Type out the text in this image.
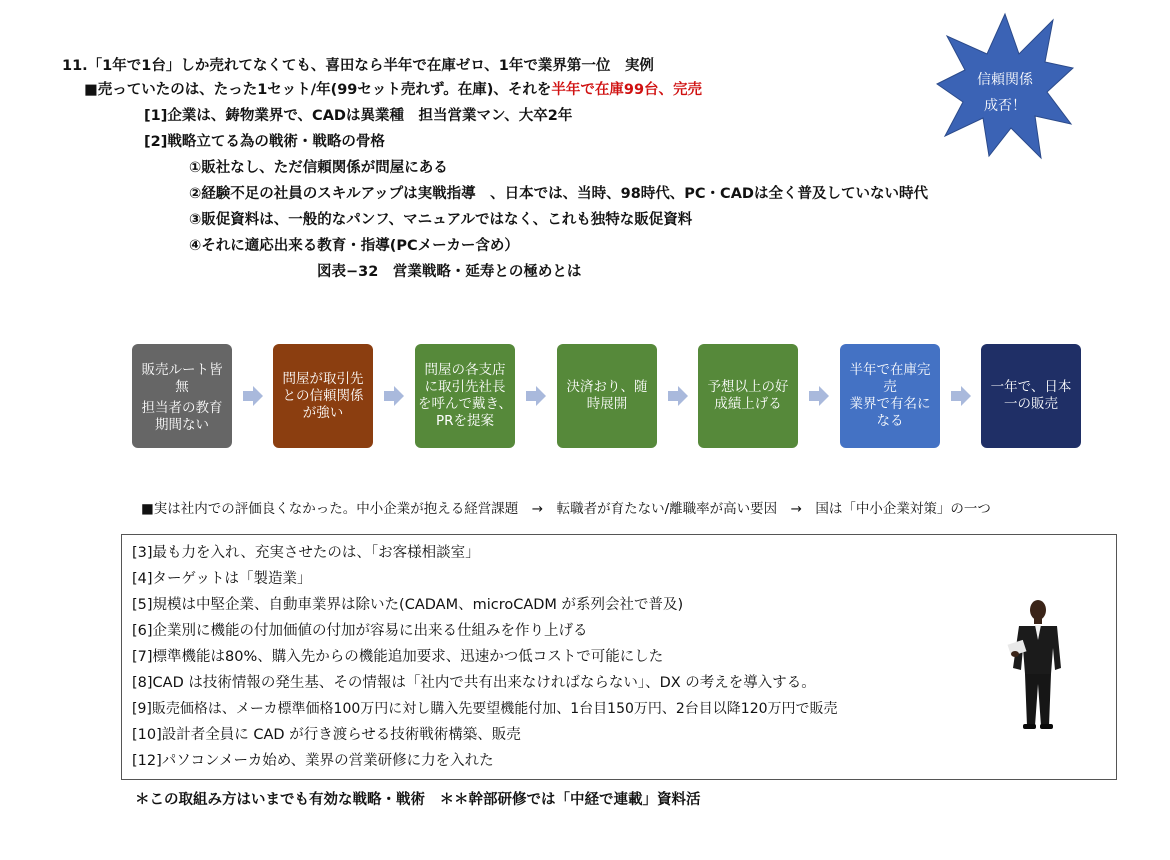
11.「1年で1台」しか売れてなくても、喜田なら半年で在庫ゼロ、1年で業界第一位　実例
■売っていたのは、たった1セット/年(99セット売れず。在庫)、それを半年で在庫99台、完売
[1]企業は、鋳物業界で、CADは異業種　担当営業マン、大卒2年
[2]戦略立てる為の戦術・戦略の骨格
①販社なし、ただ信頼関係が問屋にある
②経験不足の社員のスキルアップは実戦指導　、日本では、当時、98時代、PC・CADは全く普及していない時代
③販促資料は、一般的なパンフ、マニュアルではなく、これも独特な販促資料
④それに適応出来る教育・指導(PCメーカー含め）
図表−32　営業戦略・延寿との極めとは
信頼関係
成否！
販売ルート皆無
担当者の教育期間ない
問屋が取引先との信頼関係が強い
問屋の各支店に取引先社長を呼んで戴き、PRを提案
決済おり、随時展開
予想以上の好成績上げる
半年で在庫完売
業界で有名になる
一年で、日本一の販売
■実は社内での評価良くなかった。中小企業が抱える経営課題　→　転職者が育たない/離職率が高い要因　→　国は「中小企業対策」の一つ
[3]最も力を入れ、充実させたのは、「お客様相談室」
[4]ターゲットは「製造業」
[5]規模は中堅企業、自動車業界は除いた(CADAM、microCADM が系列会社で普及)
[6]企業別に機能の付加価値の付加が容易に出来る仕組みを作り上げる
[7]標準機能は80%、購入先からの機能追加要求、迅速かつ低コストで可能にした
[8]CAD は技術情報の発生基、その情報は「社内で共有出来なければならない」、DX の考えを導入する。
[9]販売価格は、メーカ標準価格100万円に対し購入先要望機能付加、1台目150万円、2台目以降120万円で販売
[10]設計者全員に CAD が行き渡らせる技術戦術構築、販売
[12]パソコンメーカ始め、業界の営業研修に力を入れた
＊この取組み方はいまでも有効な戦略・戦術　＊＊幹部研修では「中経で連載」資料活
